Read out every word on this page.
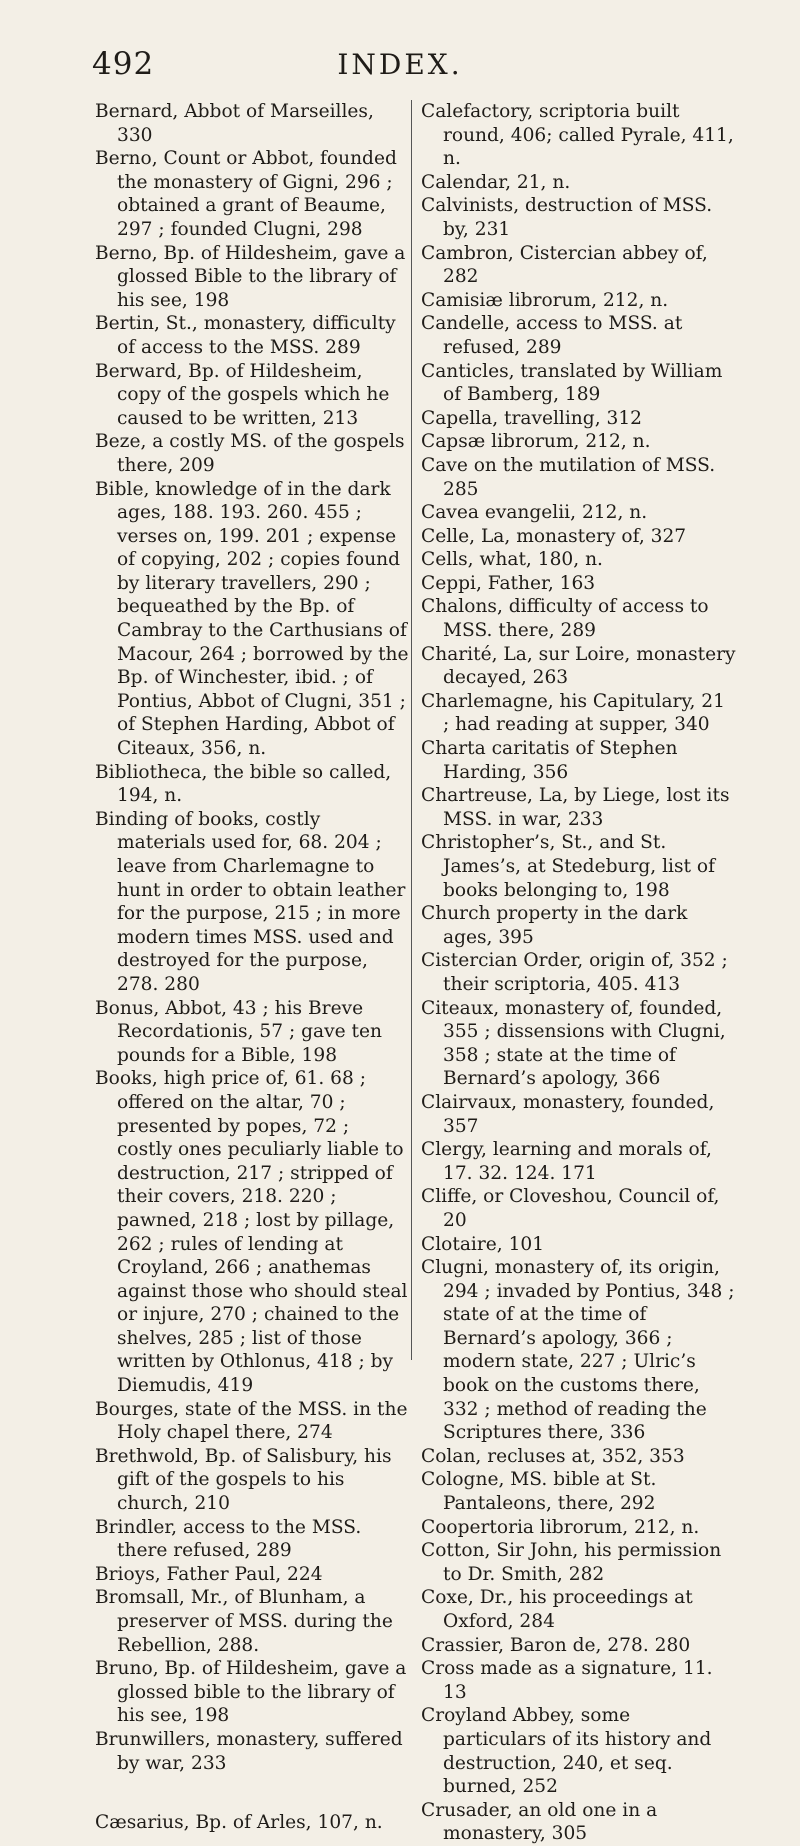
492	INDEX.

Bernard, Abbot of Marseilles, 330

Berno, Count or Abbot, founded the monastery of Gigni, 296 ; obtained a grant of Beaume, 297 ; founded Clugni, 298

Berno, Bp. of Hildesheim, gave a glossed Bible to the library of his see, 198

Bertin, St., monastery, difficulty of access to the MSS. 289

Berward, Bp. of Hildesheim, copy of the gospels which he caused to be written, 213

Beze, a costly MS. of the gospels there, 209

Bible, knowledge of in the dark ages, 188. 193. 260. 455 ; verses on, 199. 201 ; expense of copying, 202 ; copies found by literary travellers, 290 ; bequeathed by the Bp. of Cambray to the Carthusians of Macour, 264 ; borrowed by the Bp. of Winchester, ibid. ; of Pontius, Abbot of Clugni, 351 ; of Stephen Harding, Abbot of Citeaux, 356, n.

Bibliotheca, the bible so called, 194, n.

Binding of books, costly materials used for, 68. 204 ; leave from Charlemagne to hunt in order to obtain leather for the purpose, 215 ; in more modern times MSS. used and destroyed for the purpose, 278. 280

Bonus, Abbot, 43 ; his Breve Recordationis, 57 ; gave ten pounds for a Bible, 198

Books, high price of, 61. 68 ; offered on the altar, 70 ; presented by popes, 72 ; costly ones peculiarly liable to destruction, 217 ; stripped of their covers, 218. 220 ; pawned, 218 ; lost by pillage, 262 ; rules of lending at Croyland, 266 ; anathemas against those who should steal or injure, 270 ; chained to the shelves, 285 ; list of those written by Othlonus, 418 ; by Diemudis, 419

Bourges, state of the MSS. in the Holy chapel there, 274

Brethwold, Bp. of Salisbury, his gift of the gospels to his church, 210

Brindler, access to the MSS. there refused, 289

Brioys, Father Paul, 224

Bromsall, Mr., of Blunham, a preserver of MSS. during the Rebellion, 288.

Bruno, Bp. of Hildesheim, gave a glossed bible to the library of his see, 198

Brunwillers, monastery, suffered by war, 233

Cæsarius, Bp. of Arles, 107, n.

Calefactory, scriptoria built round, 406; called Pyrale, 411, n.

Calendar, 21, n.

Calvinists, destruction of MSS. by, 231

Cambron, Cistercian abbey of, 282

Camisiæ librorum, 212, n.

Candelle, access to MSS. at refused, 289

Canticles, translated by William of Bamberg, 189

Capella, travelling, 312

Capsæ librorum, 212, n.

Cave on the mutilation of MSS. 285

Cavea evangelii, 212, n.

Celle, La, monastery of, 327

Cells, what, 180, n.

Ceppi, Father, 163

Chalons, difficulty of access to MSS. there, 289

Charité, La, sur Loire, monastery decayed, 263

Charlemagne, his Capitulary, 21 ; had reading at supper, 340

Charta caritatis of Stephen Harding, 356

Chartreuse, La, by Liege, lost its MSS. in war, 233

Christopher’s, St., and St. James’s, at Stedeburg, list of books belonging to, 198

Church property in the dark ages, 395

Cistercian Order, origin of, 352 ; their scriptoria, 405. 413

Citeaux, monastery of, founded, 355 ; dissensions with Clugni, 358 ; state at the time of Bernard’s apology, 366

Clairvaux, monastery, founded, 357

Clergy, learning and morals of, 17. 32. 124. 171

Cliffe, or Cloveshou, Council of, 20

Clotaire, 101

Clugni, monastery of, its origin, 294 ; invaded by Pontius, 348 ; state of at the time of Bernard’s apology, 366 ; modern state, 227 ; Ulric’s book on the customs there, 332 ; method of reading the Scriptures there, 336

Colan, recluses at, 352, 353

Cologne, MS. bible at St. Pantaleons, there, 292

Coopertoria librorum, 212, n.

Cotton, Sir John, his permission to Dr. Smith, 282

Coxe, Dr., his proceedings at Oxford, 284

Crassier, Baron de, 278. 280

Cross made as a signature, 11. 13

Croyland Abbey, some particulars of its history and destruction, 240, et seq. burned, 252

Crusader, an old one in a monastery, 305
